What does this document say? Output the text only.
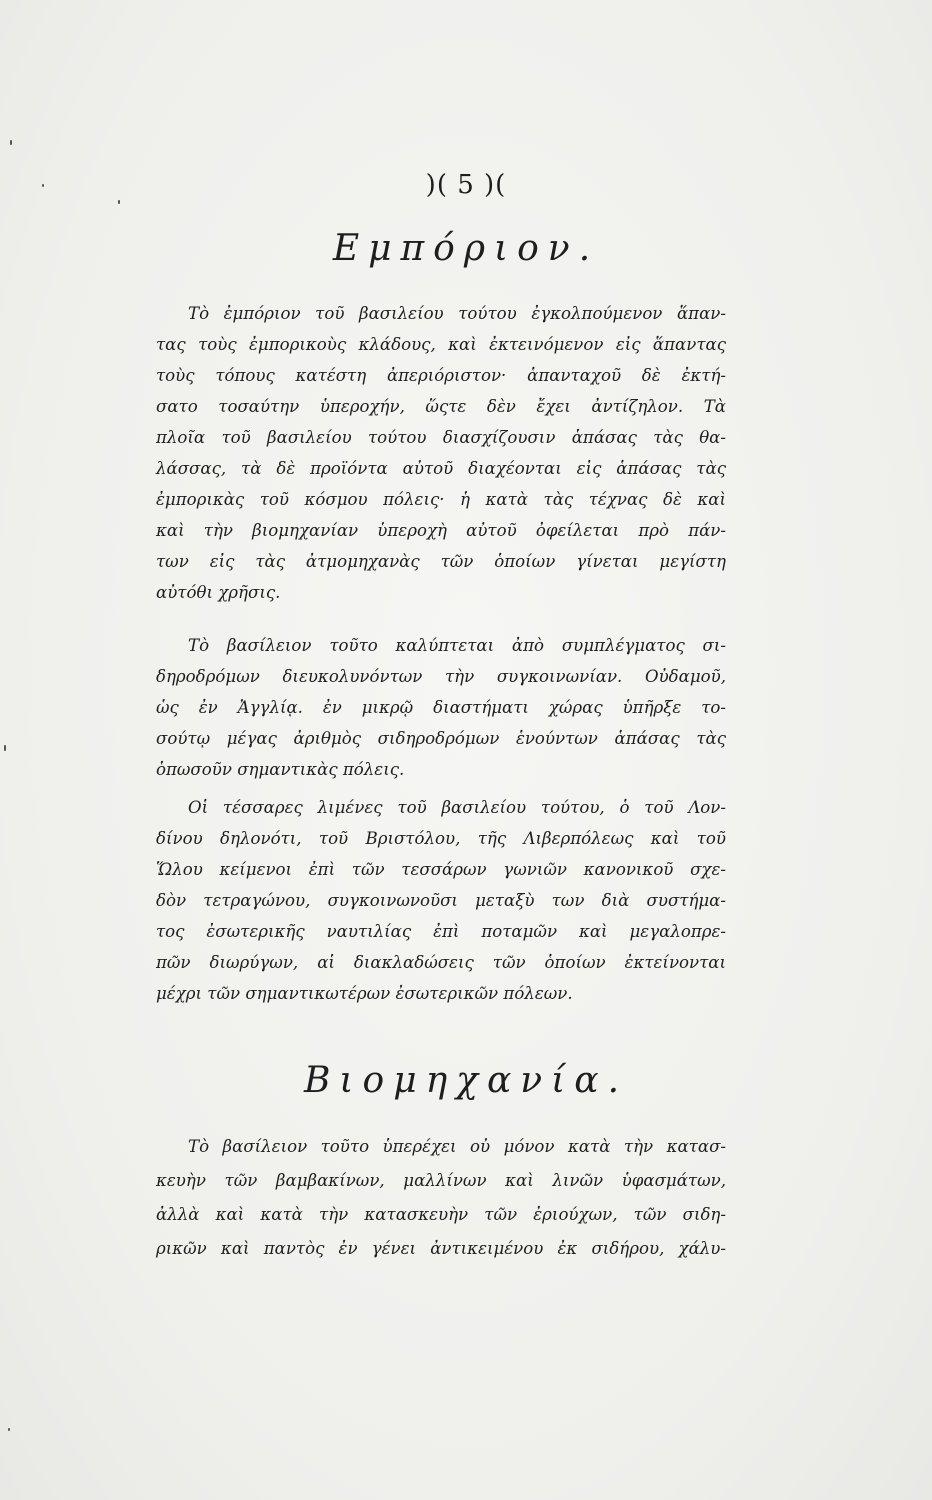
)( 5 )(
Εμπόριον.
Τὸ ἐμπόριον τοῦ βασιλείου τούτου ἐγκολπούμενον ἅπαν-
τας τοὺς ἐμπορικοὺς κλάδους, καὶ ἐκτεινόμενον εἰς ἅπαντας
τοὺς τόπους κατέστη ἀπεριόριστον· ἁπανταχοῦ δὲ ἐκτή-
σατο τοσαύτην ὑπεροχήν, ὥςτε δὲν ἔχει ἀντίζηλον. Τὰ
πλοῖα τοῦ βασιλείου τούτου διασχίζουσιν ἁπάσας τὰς θα-
λάσσας, τὰ δὲ προϊόντα αὐτοῦ διαχέονται εἰς ἁπάσας τὰς
ἐμπορικὰς τοῦ κόσμου πόλεις· ἡ κατὰ τὰς τέχνας δὲ καὶ
καὶ τὴν βιομηχανίαν ὑπεροχὴ αὐτοῦ ὀφείλεται πρὸ πάν-
των εἰς τὰς ἀτμομηχανὰς τῶν ὁποίων γίνεται μεγίστη
αὐτόθι χρῆσις.
Τὸ βασίλειον τοῦτο καλύπτεται ἀπὸ συμπλέγματος σι-
δηροδρόμων διευκολυνόντων τὴν συγκοινωνίαν. Οὐδαμοῦ,
ὡς ἐν Ἀγγλίᾳ. ἐν μικρῷ διαστήματι χώρας ὑπῆρξε το-
σούτῳ μέγας ἀριθμὸς σιδηροδρόμων ἑνούντων ἁπάσας τὰς
ὁπωσοῦν σημαντικὰς πόλεις.
Οἱ τέσσαρες λιμένες τοῦ βασιλείου τούτου, ὁ τοῦ Λον-
δίνου δηλονότι, τοῦ Βριστόλου, τῆς Λιβερπόλεως καὶ τοῦ
Ὥλου κείμενοι ἐπὶ τῶν τεσσάρων γωνιῶν κανονικοῦ σχε-
δὸν τετραγώνου, συγκοινωνοῦσι μεταξὺ των διὰ συστήμα-
τος ἐσωτερικῆς ναυτιλίας ἐπὶ ποταμῶν καὶ μεγαλοπρε-
πῶν διωρύγων, αἱ διακλαδώσεις τῶν ὁποίων ἐκτείνονται
μέχρι τῶν σημαντικωτέρων ἐσωτερικῶν πόλεων.
Βιομηχανία.
Τὸ βασίλειον τοῦτο ὑπερέχει οὐ μόνον κατὰ τὴν κατασ-
κευὴν τῶν βαμβακίνων, μαλλίνων καὶ λινῶν ὑφασμάτων,
ἀλλὰ καὶ κατὰ τὴν κατασκευὴν τῶν ἐριούχων, τῶν σιδη-
ρικῶν καὶ παντὸς ἐν γένει ἀντικειμένου ἐκ σιδήρου, χάλυ-
